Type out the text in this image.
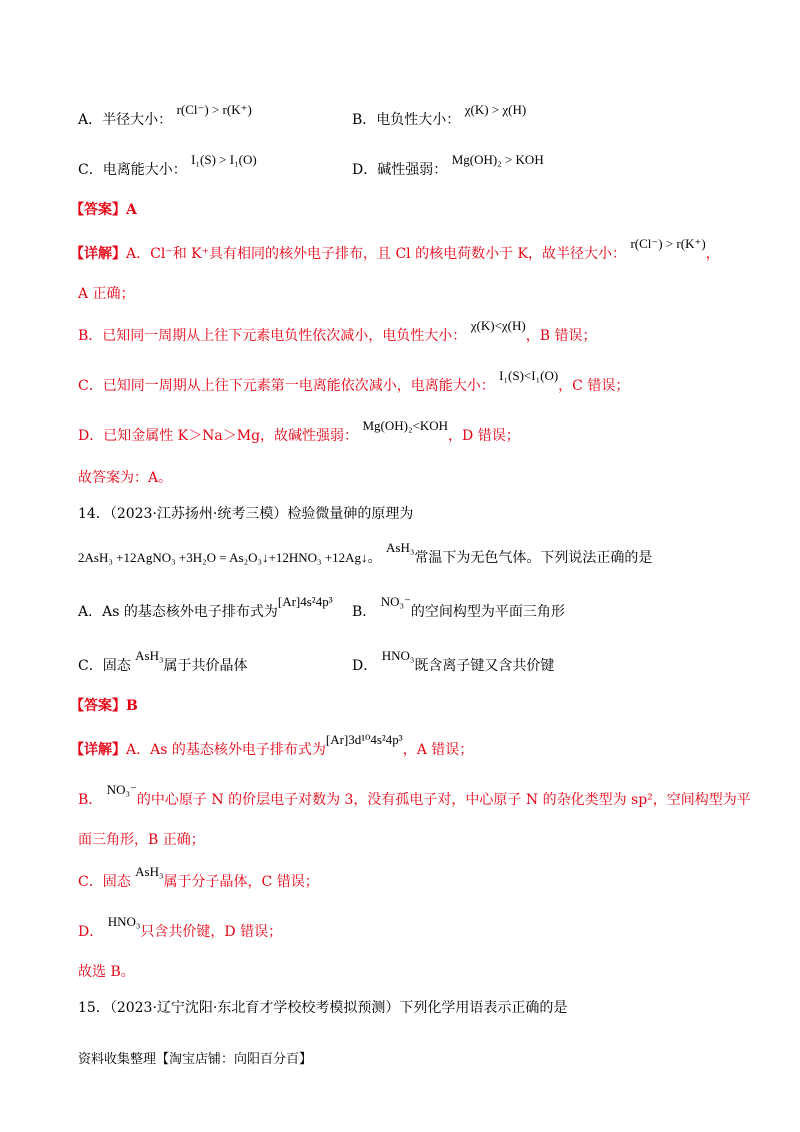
A．半径大小： r(Cl⁻) > r(K⁺)
B．电负性大小： χ(K) > χ(H)
C．电离能大小： I₁(S) > I₁(O)
D．碱性强弱： Mg(OH)₂ > KOH
【答案】A
【详解】A．Cl⁻和 K⁺具有相同的核外电子排布，且 Cl 的核电荷数小于 K，故半径大小： r(Cl⁻) > r(K⁺)，
A 正确；
B．已知同一周期从上往下元素电负性依次减小，电负性大小： χ(K)<χ(H)，B 错误；
C．已知同一周期从上往下元素第一电离能依次减小，电离能大小： I₁(S)<I₁(O)，C 错误；
D．已知金属性 K＞Na＞Mg，故碱性强弱： Mg(OH)₂<KOH，D 错误；
故答案为：A。
14．（2023·江苏扬州·统考三模）检验微量砷的原理为
2AsH₃ +12AgNO₃ +3H₂O = As₂O₃↓+12HNO₃ +12Ag↓。 AsH₃常温下为无色气体。下列说法正确的是
A．As 的基态核外电子排布式为[Ar]4s²4p³
B． NO₃⁻的空间构型为平面三角形
C．固态 AsH₃属于共价晶体	D． HNO₃既含离子键又含共价键
【答案】B
【详解】A．As 的基态核外电子排布式为[Ar]3d¹⁰4s²4p³，A 错误；
B． NO₃⁻的中心原子 N 的价层电子对数为 3，没有孤电子对，中心原子 N 的杂化类型为 sp²，空间构型为平
面三角形，B 正确；
C．固态 AsH₃属于分子晶体，C 错误；
D． HNO₃只含共价键，D 错误；
故选 B。
15．（2023·辽宁沈阳·东北育才学校校考模拟预测）下列化学用语表示正确的是
资料收集整理【淘宝店铺：向阳百分百】
